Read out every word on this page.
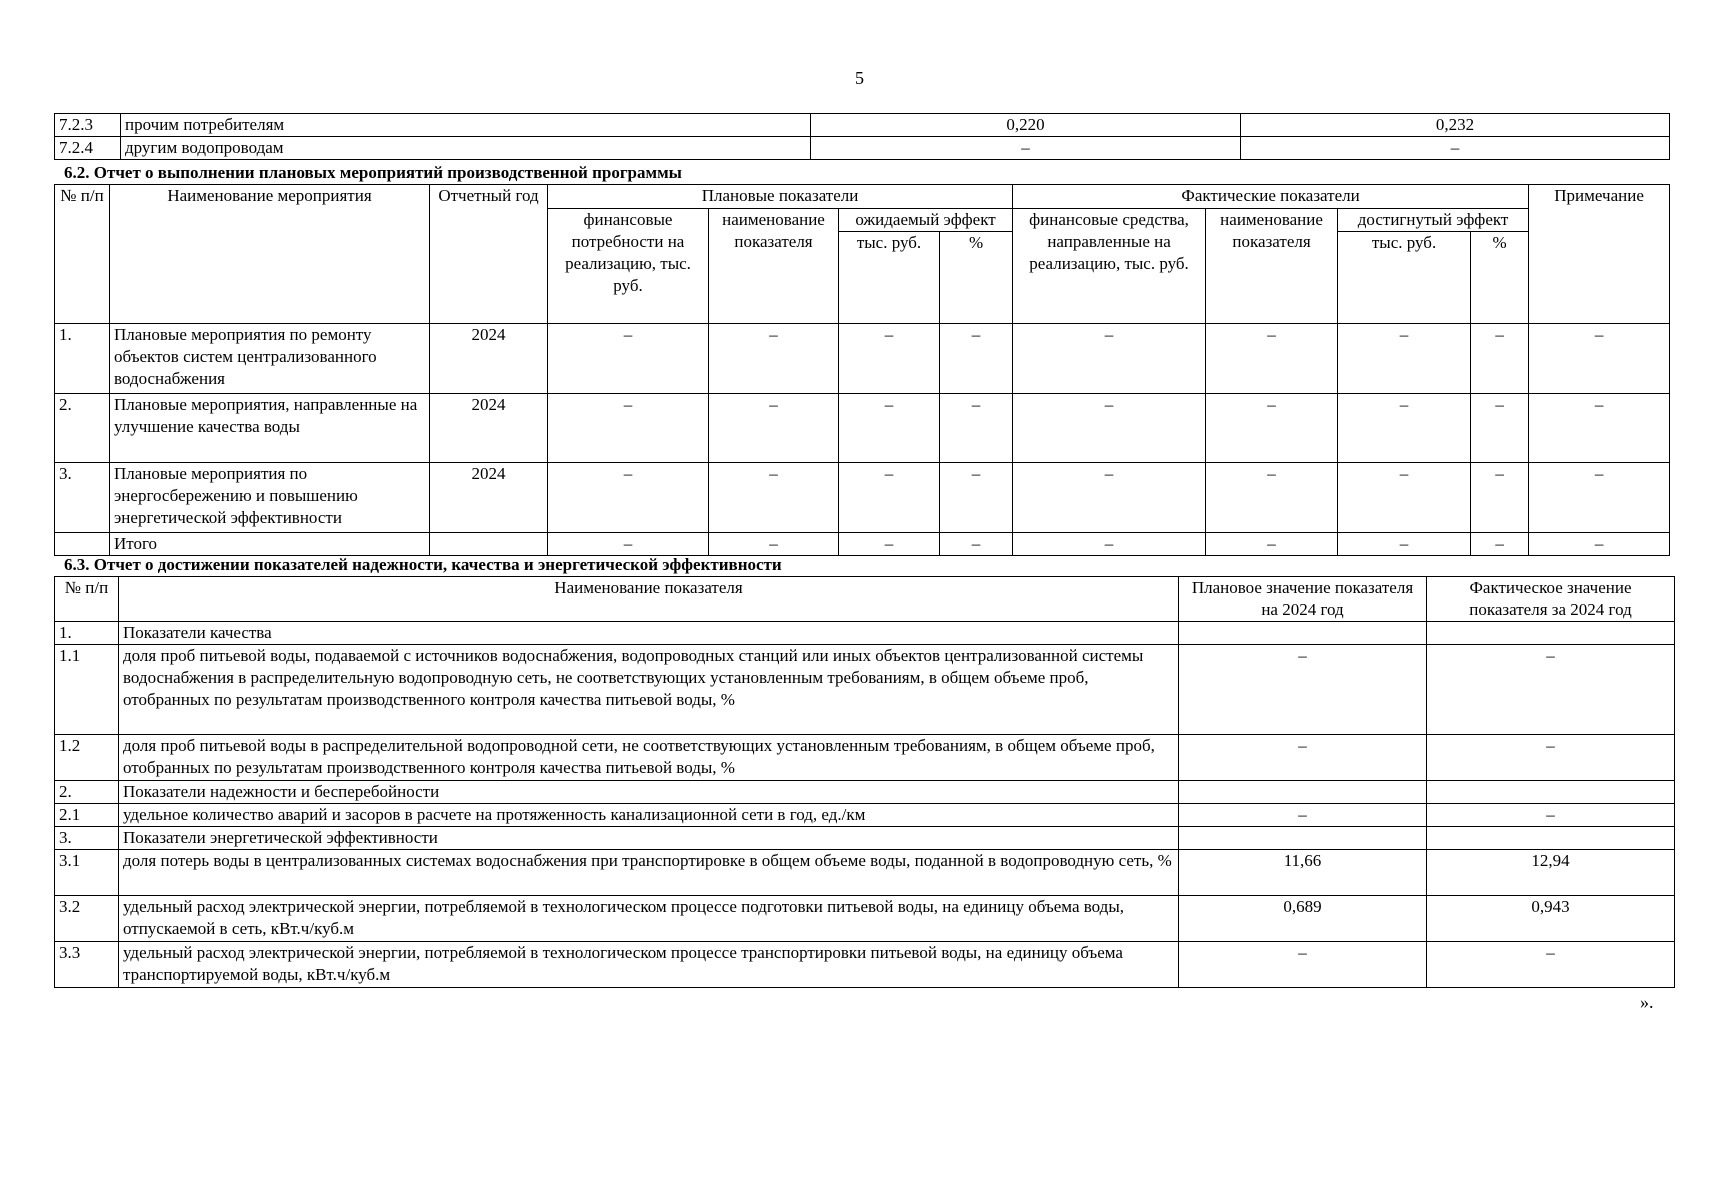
5
7.2.3	прочим потребителям	0,220	0,232
7.2.4	другим водопроводам	–	–
6.2. Отчет о выполнении плановых мероприятий производственной программы
№ п/п	Наименование мероприятия	Отчетный год	Плановые показатели				Фактические показатели				Примечание
			финансовые потребности на реализацию, тыс. руб.	наименование показателя	ожидаемый эффект		финансовые средства, направленные на реализацию, тыс. руб.	наименование показателя	достигнутый эффект		
					тыс. руб.	%			тыс. руб.	%	
1.	Плановые мероприятия по ремонту объектов систем централизованного водоснабжения	2024	–	–	–	–	–	–	–	–	–
2.	Плановые мероприятия, направленные на улучшение качества воды	2024	–	–	–	–	–	–	–	–	–
3.	Плановые мероприятия по энергосбережению и повышению энергетической эффективности	2024	–	–	–	–	–	–	–	–	–
	Итого		–	–	–	–	–	–	–	–	–
6.3. Отчет о достижении показателей надежности, качества и энергетической эффективности
№ п/п	Наименование показателя	Плановое значение показателя на 2024 год	Фактическое значение показателя за 2024 год
1.	Показатели качества		
1.1	доля проб питьевой воды, подаваемой с источников водоснабжения, водопроводных станций или иных объектов централизованной системы водоснабжения в распределительную водопроводную сеть, не соответствующих установленным требованиям, в общем объеме проб, отобранных по результатам производственного контроля качества питьевой воды, %	–	–
1.2	доля проб питьевой воды в распределительной водопроводной сети, не соответствующих установленным требованиям, в общем объеме проб, отобранных по результатам производственного контроля качества питьевой воды, %	–	–
2.	Показатели надежности и бесперебойности		
2.1	удельное количество аварий и засоров в расчете на протяженность канализационной сети в год, ед./км	–	–
3.	Показатели энергетической эффективности		
3.1	доля потерь воды в централизованных системах водоснабжения при транспортировке в общем объеме воды, поданной в водопроводную сеть, %	11,66	12,94
3.2	удельный расход электрической энергии, потребляемой в технологическом процессе подготовки питьевой воды, на единицу объема воды, отпускаемой в сеть, кВт.ч/куб.м	0,689	0,943
3.3	удельный расход электрической энергии, потребляемой в технологическом процессе транспортировки питьевой воды, на единицу объема транспортируемой воды, кВт.ч/куб.м	–	–
».
